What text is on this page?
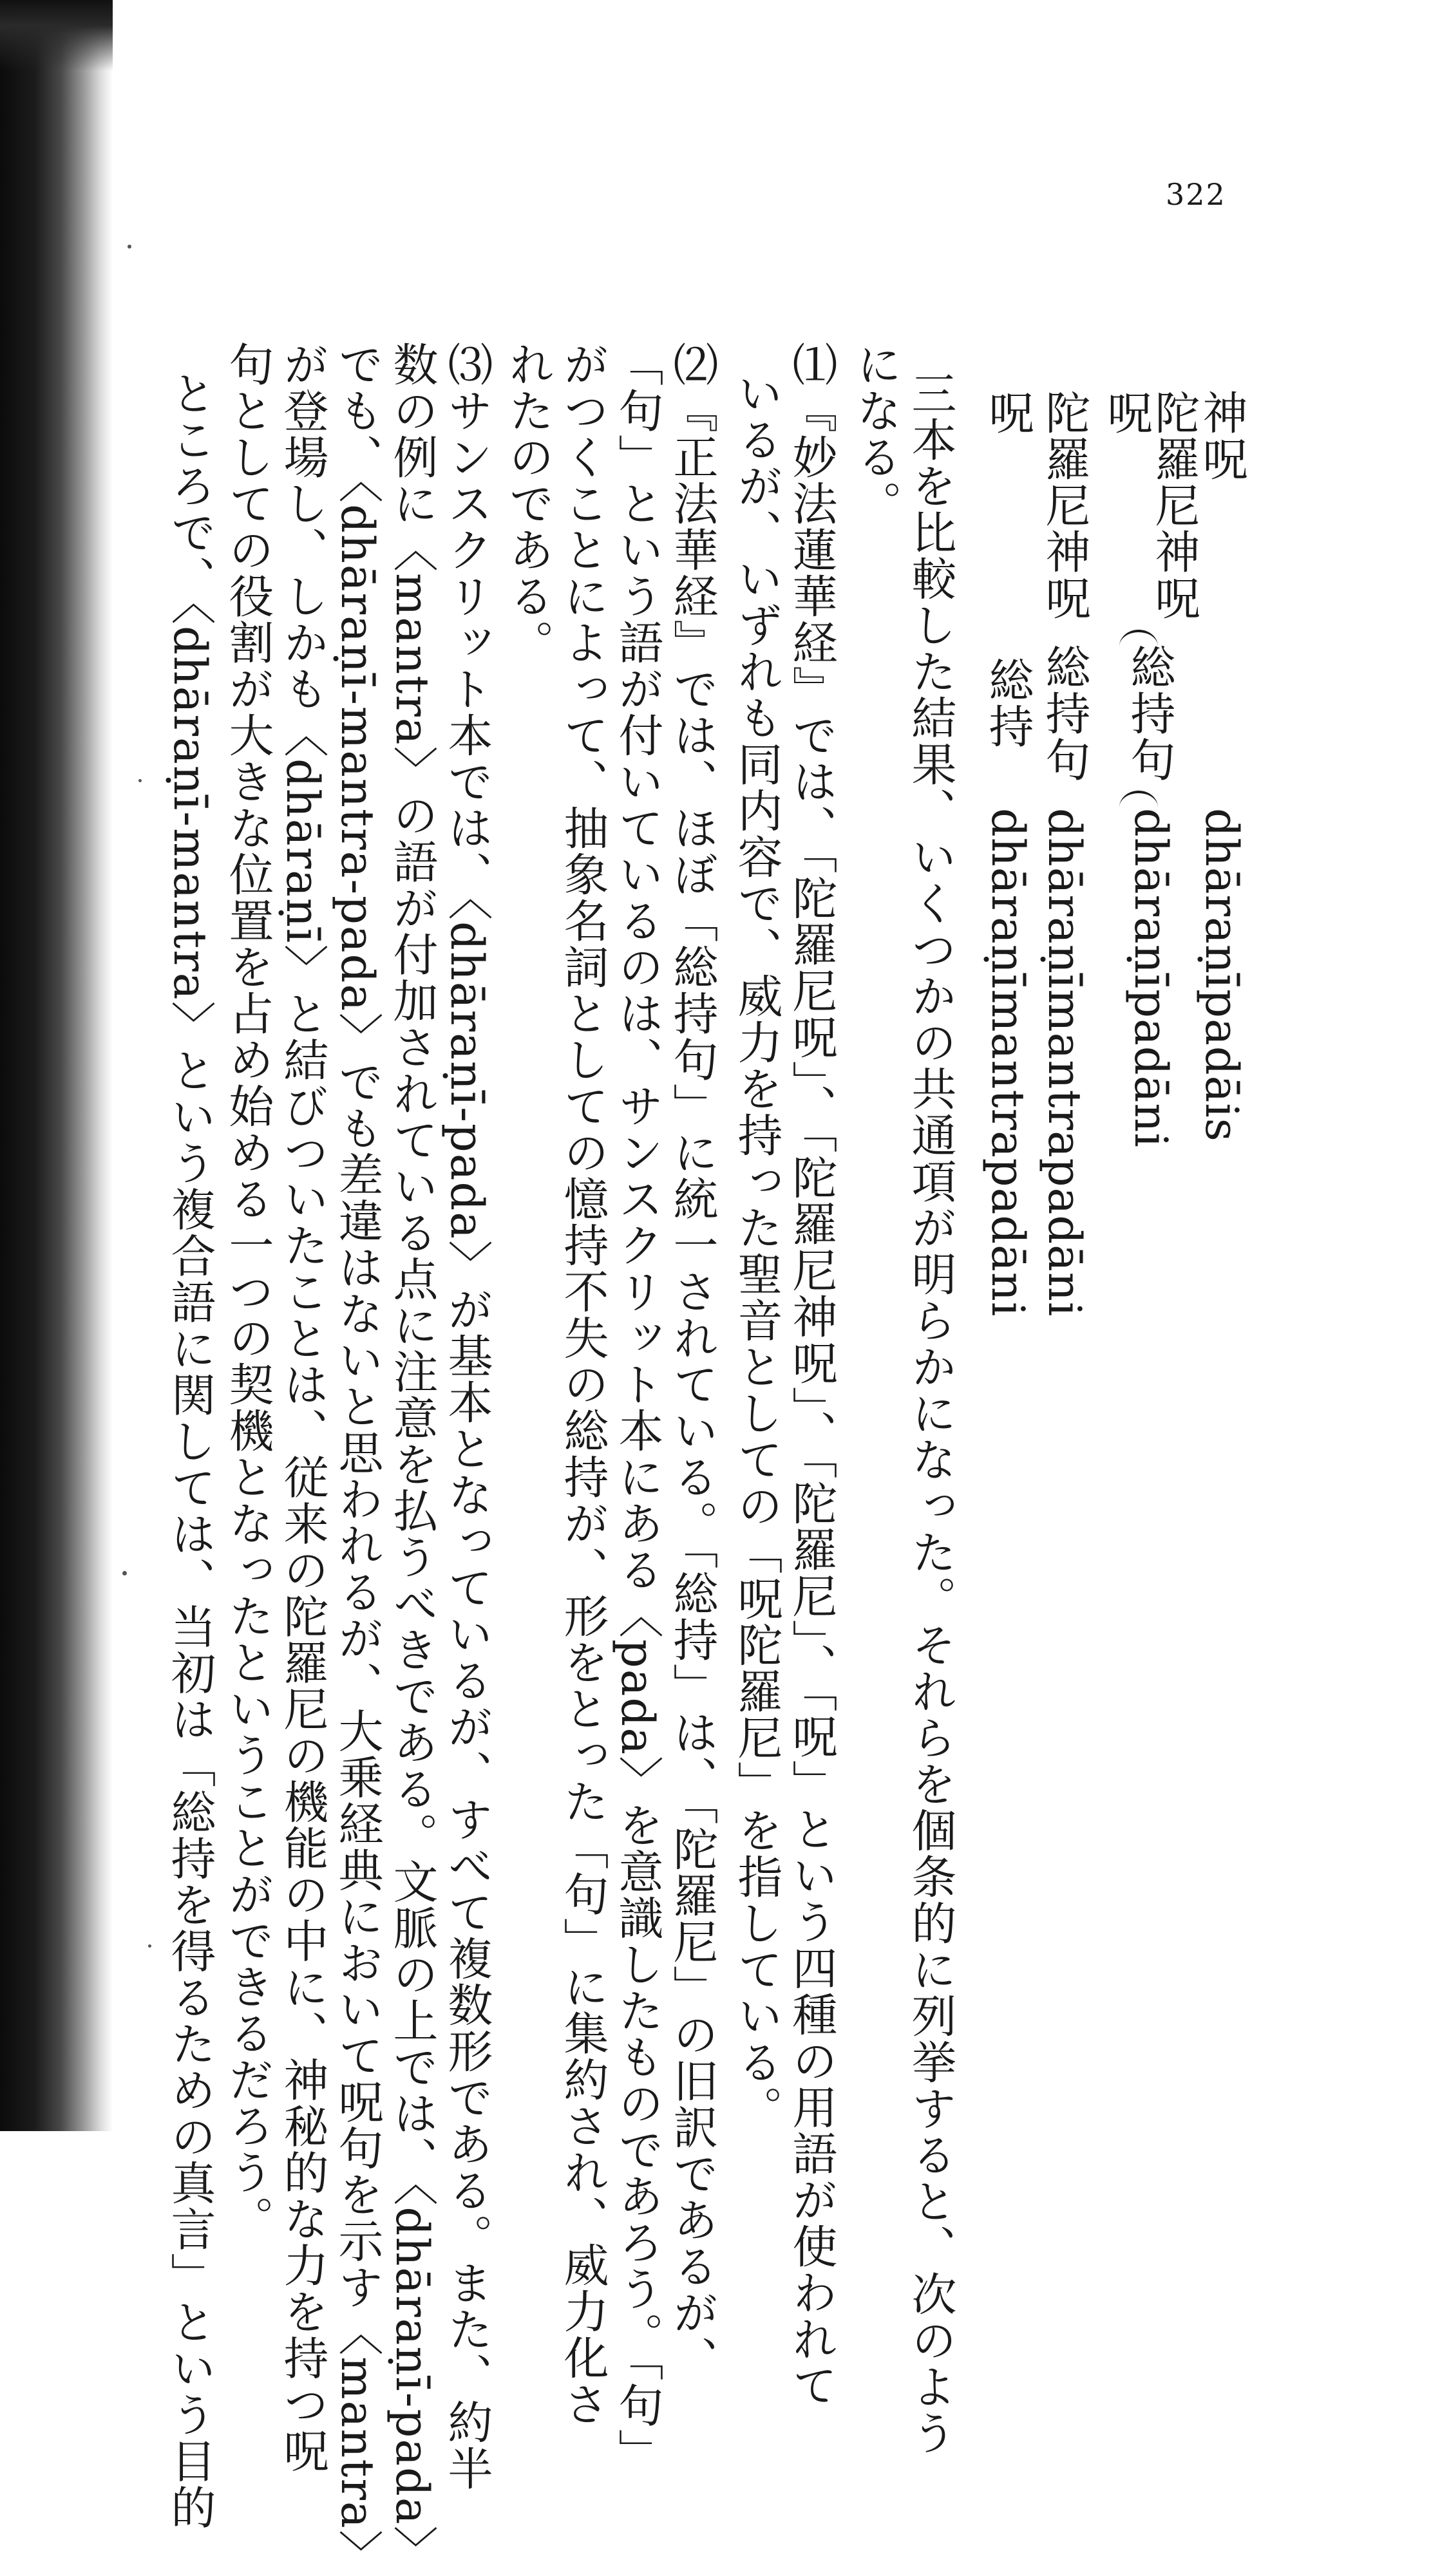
322
神呪
陀羅尼神呪
呪
陀羅尼神呪
呪
総持句
総持句
総持
dhāraṇīpadāis
dhāraṇīpadāni
dhāraṇīmantrapadāni
dhāraṇīmantrapadāni
三本を比較した結果、いくつかの共通項が明らかになった。それらを個条的に列挙すると、次のよう
になる。
⑴『妙法蓮華経』では、「陀羅尼呪」、「陀羅尼神呪」、「陀羅尼」、「呪」という四種の用語が使われて
いるが、いずれも同内容で、威力を持った聖音としての「呪陀羅尼」を指している。
⑵『正法華経』では、ほぼ「総持句」に統一されている。「総持」は、「陀羅尼」の旧訳であるが、
「句」という語が付いているのは、サンスクリット本にある〈pada〉を意識したものであろう。「句」
がつくことによって、抽象名詞としての憶持不失の総持が、形をとった「句」に集約され、威力化さ
れたのである。
⑶サンスクリット本では、〈dhāraṇī-pada〉が基本となっているが、すべて複数形である。また、約半
数の例に〈mantra〉の語が付加されている点に注意を払うべきである。文脈の上では、〈dhāraṇī-pada〉
でも、〈dhāraṇī-mantra-pada〉でも差違はないと思われるが、大乗経典において呪句を示す〈mantra〉
が登場し、しかも〈dhāraṇī〉と結びついたことは、従来の陀羅尼の機能の中に、神秘的な力を持つ呪
句としての役割が大きな位置を占め始める一つの契機となったということができるだろう。
ところで、〈dhāraṇī-mantra〉という複合語に関しては、当初は「総持を得るための真言」という目的
